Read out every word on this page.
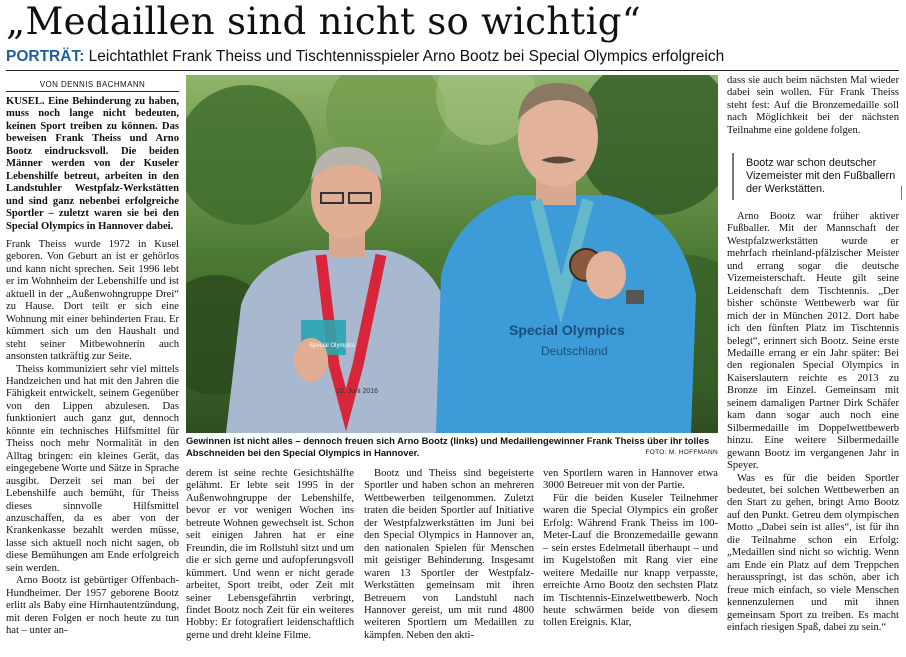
„Medaillen sind nicht so wichtig“
PORTRÄT: Leichtathlet Frank Theiss und Tischtennisspieler Arno Bootz bei Special Olympics erfolgreich
VON DENNIS BACHMANN

KUSEL. Eine Behinderung zu haben, muss noch lange nicht bedeuten, keinen Sport treiben zu können. Das beweisen Frank Theiss und Arno Bootz eindrucksvoll. Die beiden Männer werden von der Kuseler Lebenshilfe betreut, arbeiten in den Landstuhler Westpfalz-Werkstätten und sind ganz nebenbei erfolgreiche Sportler – zuletzt waren sie bei den Special Olympics in Hannover dabei.

Frank Theiss wurde 1972 in Kusel geboren. Von Geburt an ist er gehörlos und kann nicht sprechen. Seit 1996 lebt er im Wohnheim der Lebenshilfe und ist aktuell in der „Außenwohngruppe Drei“ zu Hause. Dort teilt er sich eine Wohnung mit einer behinderten Frau. Er kümmert sich um den Haushalt und steht seiner Mitbewohnerin auch ansonsten tatkräftig zur Seite.

Theiss kommuniziert sehr viel mittels Handzeichen und hat mit den Jahren die Fähigkeit entwickelt, seinem Gegenüber von den Lippen abzulesen. Das funktioniert auch ganz gut, dennoch könnte ein technisches Hilfsmittel für Theiss noch mehr Normalität in den Alltag bringen: ein kleines Gerät, das eingegebene Worte und Sätze in Sprache ausgibt. Derzeit sei man bei der Lebenshilfe auch bemüht, für Theiss dieses sinnvolle Hilfsmittel anzuschaffen, da es aber von der Krankenkasse bezahlt werden müsse, lasse sich aktuell noch nicht sagen, ob diese Bemühungen am Ende erfolgreich sein werden.

Arno Bootz ist gebürtiger Offenbach-Hundheimer. Der 1957 geborene Bootz erlitt als Baby eine Hirnhautentzündung, mit deren Folgen er noch heute zu tun hat – unter an-

10. Juni 2016
Special Olympics
Deutschland
Special Olympics
Gewinnen ist nicht alles – dennoch freuen sich Arno Bootz (links) und Medaillengewinner Frank Theiss über ihr tolles Abschneiden bei den Special Olympics in Hannover.	FOTO: M. HOFFMANN

derem ist seine rechte Gesichtshälfte gelähmt. Er lebte seit 1995 in der Außenwohngruppe der Lebenshilfe, bevor er vor wenigen Wochen ins betreute Wohnen gewechselt ist. Schon seit einigen Jahren hat er eine Freundin, die im Rollstuhl sitzt und um die er sich gerne und aufopferungsvoll kümmert. Und wenn er nicht gerade arbeitet, Sport treibt, oder Zeit mit seiner Lebensgefährtin verbringt, findet Bootz noch Zeit für ein weiteres Hobby: Er fotografiert leidenschaftlich gerne und dreht kleine Filme.

Bootz und Theiss sind begeisterte Sportler und haben schon an mehreren Wettbewerben teilgenommen. Zuletzt traten die beiden Sportler auf Initiative der Westpfalzwerkstätten im Juni bei den Special Olympics in Hannover an, den nationalen Spielen für Menschen mit geistiger Behinderung. Insgesamt waren 13 Sportler der Westpfalz-Werkstätten gemeinsam mit ihren Betreuern von Landstuhl nach Hannover gereist, um mit rund 4800 weiteren Sportlern um Medaillen zu kämpfen. Neben den akti-

ven Sportlern waren in Hannover etwa 3000 Betreuer mit von der Partie.

Für die beiden Kuseler Teilnehmer waren die Special Olympics ein großer Erfolg: Während Frank Theiss im 100-Meter-Lauf die Bronzemedaille gewann – sein erstes Edelmetall überhaupt – und im Kugelstoßen mit Rang vier eine weitere Medaille nur knapp verpasste, erreichte Arno Bootz den sechsten Platz im Tischtennis-Einzelwettbewerb. Noch heute schwärmen beide von diesem tollen Ereignis. Klar,

dass sie auch beim nächsten Mal wieder dabei sein wollen. Für Frank Theiss steht fest: Auf die Bronzemedaille soll nach Möglichkeit bei der nächsten Teilnahme eine goldene folgen.

Bootz war schon deutscher Vizemeister mit den Fußballern der Werkstätten.

Arno Bootz war früher aktiver Fußballer. Mit der Mannschaft der Westpfalzwerkstätten wurde er mehrfach rheinland-pfälzischer Meister und errang sogar die deutsche Vizemeisterschaft. Heute gilt seine Leidenschaft dem Tischtennis. „Der bisher schönste Wettbewerb war für mich der in München 2012. Dort habe ich den fünften Platz im Tischtennis belegt“, erinnert sich Bootz. Seine erste Medaille errang er ein Jahr später: Bei den regionalen Special Olympics in Kaiserslautern reichte es 2013 zu Bronze im Einzel. Gemeinsam mit seinem damaligen Partner Dirk Schäfer kam dann sogar auch noch eine Silbermedaille im Doppelwettbewerb hinzu. Eine weitere Silbermedaille gewann Bootz im vergangenen Jahr in Speyer.

Was es für die beiden Sportler bedeutet, bei solchen Wettbewerben an den Start zu gehen, bringt Arno Bootz auf den Punkt. Getreu dem olympischen Motto „Dabei sein ist alles“, ist für ihn die Teilnahme schon ein Erfolg: „Medaillen sind nicht so wichtig. Wenn am Ende ein Platz auf dem Treppchen herausspringt, ist das schön, aber ich freue mich einfach, so viele Menschen kennenzulernen und mit ihnen gemeinsam Sport zu treiben. Es macht einfach riesigen Spaß, dabei zu sein.“
